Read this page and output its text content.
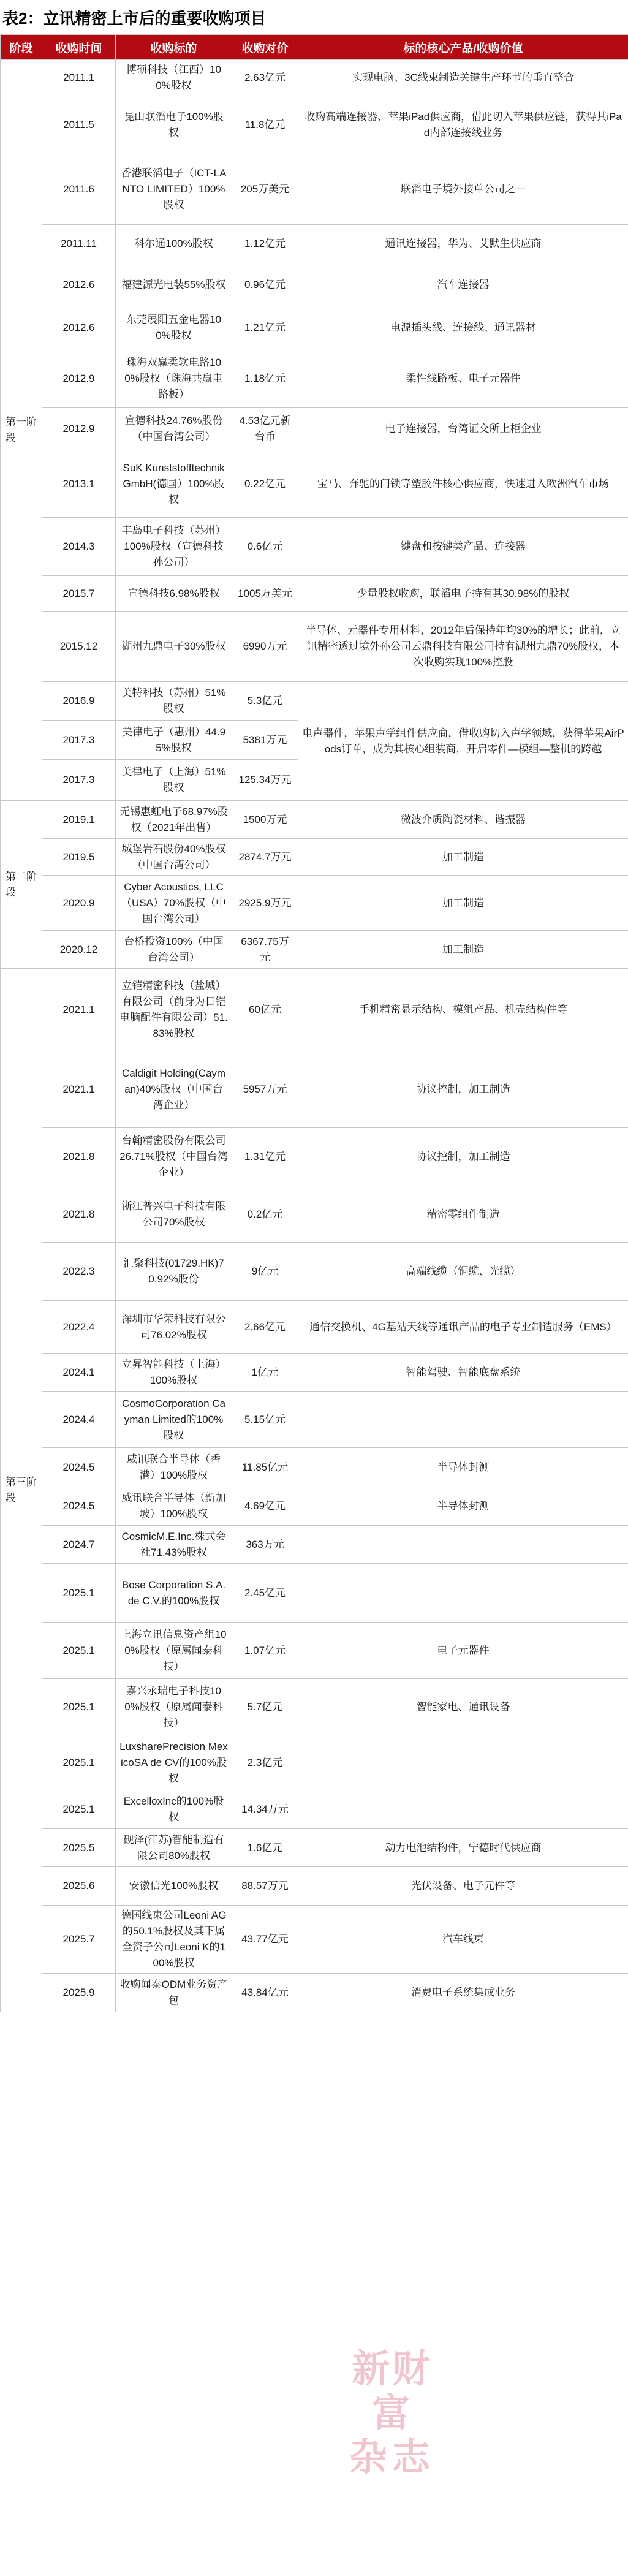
表2：立讯精密上市后的重要收购项目
阶段	收购时间	收购标的	收购对价	标的核心产品/收购价值
第一阶段	2011.1	博硕科技（江西）100%股权	2.63亿元	实现电脑、3C线束制造关键生产环节的垂直整合
	2011.5	昆山联滔电子100%股权	11.8亿元	收购高端连接器、苹果iPad供应商，借此切入苹果供应链，获得其iPad内部连接线业务
	2011.6	香港联滔电子（ICT-LANTO LIMITED）100%股权	205万美元	联滔电子境外接单公司之一
	2011.11	科尔通100%股权	1.12亿元	通讯连接器，华为、艾默生供应商
	2012.6	福建源光电装55%股权	0.96亿元	汽车连接器
	2012.6	东莞展阳五金电器100%股权	1.21亿元	电源插头线、连接线、通讯器材
	2012.9	珠海双赢柔软电路100%股权（珠海共赢电路板）	1.18亿元	柔性线路板、电子元器件
	2012.9	宣德科技24.76%股份（中国台湾公司）	4.53亿元新台币	电子连接器，台湾证交所上柜企业
	2013.1	SuK Kunststofftechnik GmbH(德国）100%股权	0.22亿元	宝马、奔驰的门锁等塑胶件核心供应商，快速进入欧洲汽车市场
	2014.3	丰岛电子科技（苏州）100%股权（宣德科技孙公司）	0.6亿元	键盘和按键类产品、连接器
	2015.7	宣德科技6.98%股权	1005万美元	少量股权收购，联滔电子持有其30.98%的股权
	2015.12	湖州九鼎电子30%股权	6990万元	半导体、元器件专用材料，2012年后保持年均30%的增长；此前，立讯精密透过境外孙公司云鼎科技有限公司持有湖州九鼎70%股权，本次收购实现100%控股
	2016.9	美特科技（苏州）51%股权	5.3亿元	电声器件，苹果声学组件供应商，借收购切入声学领域，获得苹果AirPods订单，成为其核心组装商，开启零件—模组—整机的跨越
	2017.3	美律电子（惠州）44.95%股权	5381万元	
	2017.3	美律电子（上海）51%股权	125.34万元	
第二阶段	2019.1	无锡惠虹电子68.97%股权（2021年出售）	1500万元	微波介质陶瓷材料、谐振器
	2019.5	城堡岩石股份40%股权（中国台湾公司）	2874.7万元	加工制造
	2020.9	Cyber Acoustics, LLC（USA）70%股权（中国台湾公司）	2925.9万元	加工制造
	2020.12	台桥投资100%（中国台湾公司）	6367.75万元	加工制造
第三阶段	2021.1	立铠精密科技（盐城）有限公司（前身为日铠电脑配件有限公司）51.83%股权	60亿元	手机精密显示结构、模组产品、机壳结构件等
	2021.1	Caldigit Holding(Cayman)40%股权（中国台湾企业）	5957万元	协议控制，加工制造
	2021.8	台翰精密股份有限公司26.71%股权（中国台湾企业）	1.31亿元	协议控制，加工制造
	2021.8	浙江普兴电子科技有限公司70%股权	0.2亿元	精密零组件制造
	2022.3	汇聚科技(01729.HK)70.92%股份	9亿元	高端线缆（铜缆、光缆）
	2022.4	深圳市华荣科技有限公司76.02%股权	2.66亿元	通信交换机、4G基站天线等通讯产品的电子专业制造服务（EMS）
	2024.1	立昇智能科技（上海）100%股权	1亿元	智能驾驶、智能底盘系统
	2024.4	CosmoCorporation Cayman Limited的100%股权	5.15亿元	
	2024.5	威讯联合半导体（香港）100%股权	11.85亿元	半导体封测
	2024.5	威讯联合半导体（新加坡）100%股权	4.69亿元	半导体封测
	2024.7	CosmicM.E.Inc.株式会社71.43%股权	363万元	
	2025.1	Bose Corporation S.A. de C.V.的100%股权	2.45亿元	
	2025.1	上海立讯信息资产组100%股权（原属闻泰科技）	1.07亿元	电子元器件
	2025.1	嘉兴永瑞电子科技100%股权（原属闻泰科技）	5.7亿元	智能家电、通讯设备
	2025.1	LuxsharePrecision MexicoSA de CV的100%股权	2.3亿元	
	2025.1	ExcelloxInc的100%股权	14.34万元	
	2025.5	砚泽(江苏)智能制造有限公司80%股权	1.6亿元	动力电池结构件，宁德时代供应商
	2025.6	安徽信光100%股权	88.57万元	光伏设备、电子元件等
	2025.7	德国线束公司Leoni AG的50.1%股权及其下属全资子公司Leoni K的100%股权	43.77亿元	汽车线束
	2025.9	收购闻泰ODM业务资产包	43.84亿元	消费电子系统集成业务
新财富
杂志
